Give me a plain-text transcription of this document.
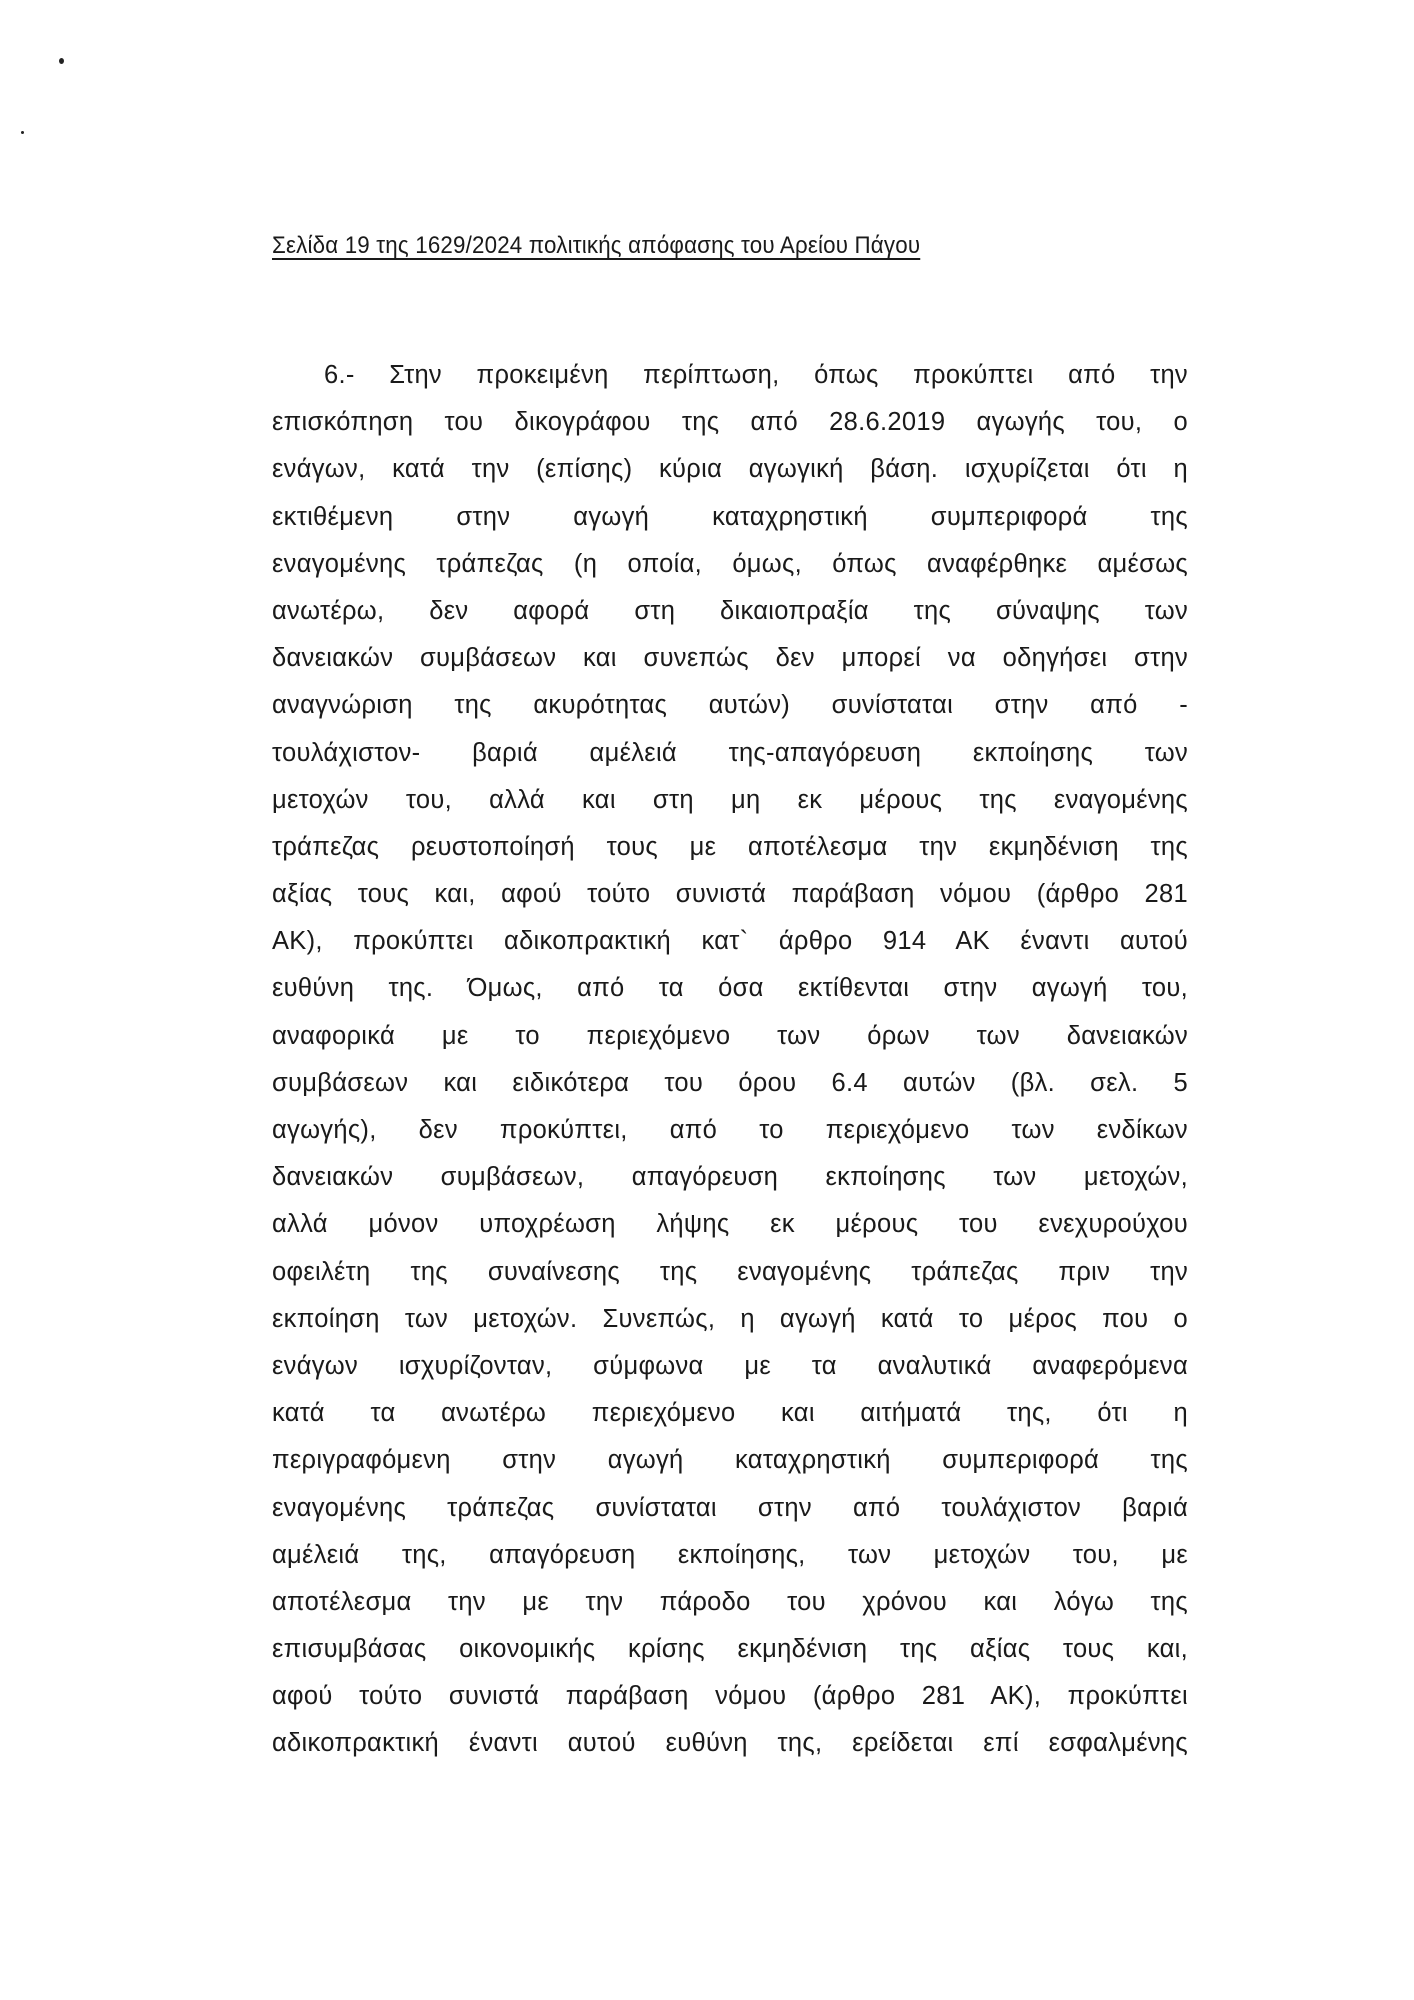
Σελίδα 19 της 1629/2024 πολιτικής απόφασης του Αρείου Πάγου
6.- Στην προκειμένη περίπτωση, όπως προκύπτει από την
επισκόπηση του δικογράφου της από 28.6.2019 αγωγής του, ο
ενάγων, κατά την (επίσης) κύρια αγωγική βάση. ισχυρίζεται ότι η
εκτιθέμενη στην αγωγή καταχρηστική συμπεριφορά της
εναγομένης τράπεζας (η οποία, όμως, όπως αναφέρθηκε αμέσως
ανωτέρω, δεν αφορά στη δικαιοπραξία της σύναψης των
δανειακών συμβάσεων και συνεπώς δεν μπορεί να οδηγήσει στην
αναγνώριση της ακυρότητας αυτών) συνίσταται στην από -
τουλάχιστον- βαριά αμέλειά της-απαγόρευση εκποίησης των
μετοχών του, αλλά και στη μη εκ μέρους της εναγομένης
τράπεζας ρευστοποίησή τους με αποτέλεσμα την εκμηδένιση της
αξίας τους και, αφού τούτο συνιστά παράβαση νόμου (άρθρο 281
ΑΚ), προκύπτει αδικοπρακτική κατ` άρθρο 914 ΑΚ έναντι αυτού
ευθύνη της. Όμως, από τα όσα εκτίθενται στην αγωγή του,
αναφορικά με το περιεχόμενο των όρων των δανειακών
συμβάσεων και ειδικότερα του όρου 6.4 αυτών (βλ. σελ. 5
αγωγής), δεν προκύπτει, από το περιεχόμενο των ενδίκων
δανειακών συμβάσεων, απαγόρευση εκποίησης των μετοχών,
αλλά μόνον υποχρέωση λήψης εκ μέρους του ενεχυρούχου
οφειλέτη της συναίνεσης της εναγομένης τράπεζας πριν την
εκποίηση των μετοχών. Συνεπώς, η αγωγή κατά το μέρος που ο
ενάγων ισχυρίζονταν, σύμφωνα με τα αναλυτικά αναφερόμενα
κατά τα ανωτέρω περιεχόμενο και αιτήματά της, ότι η
περιγραφόμενη στην αγωγή καταχρηστική συμπεριφορά της
εναγομένης τράπεζας συνίσταται στην από τουλάχιστον βαριά
αμέλειά της, απαγόρευση εκποίησης, των μετοχών του, με
αποτέλεσμα την με την πάροδο του χρόνου και λόγω της
επισυμβάσας οικονομικής κρίσης εκμηδένιση της αξίας τους και,
αφού τούτο συνιστά παράβαση νόμου (άρθρο 281 ΑΚ), προκύπτει
αδικοπρακτική έναντι αυτού ευθύνη της, ερείδεται επί εσφαλμένης
